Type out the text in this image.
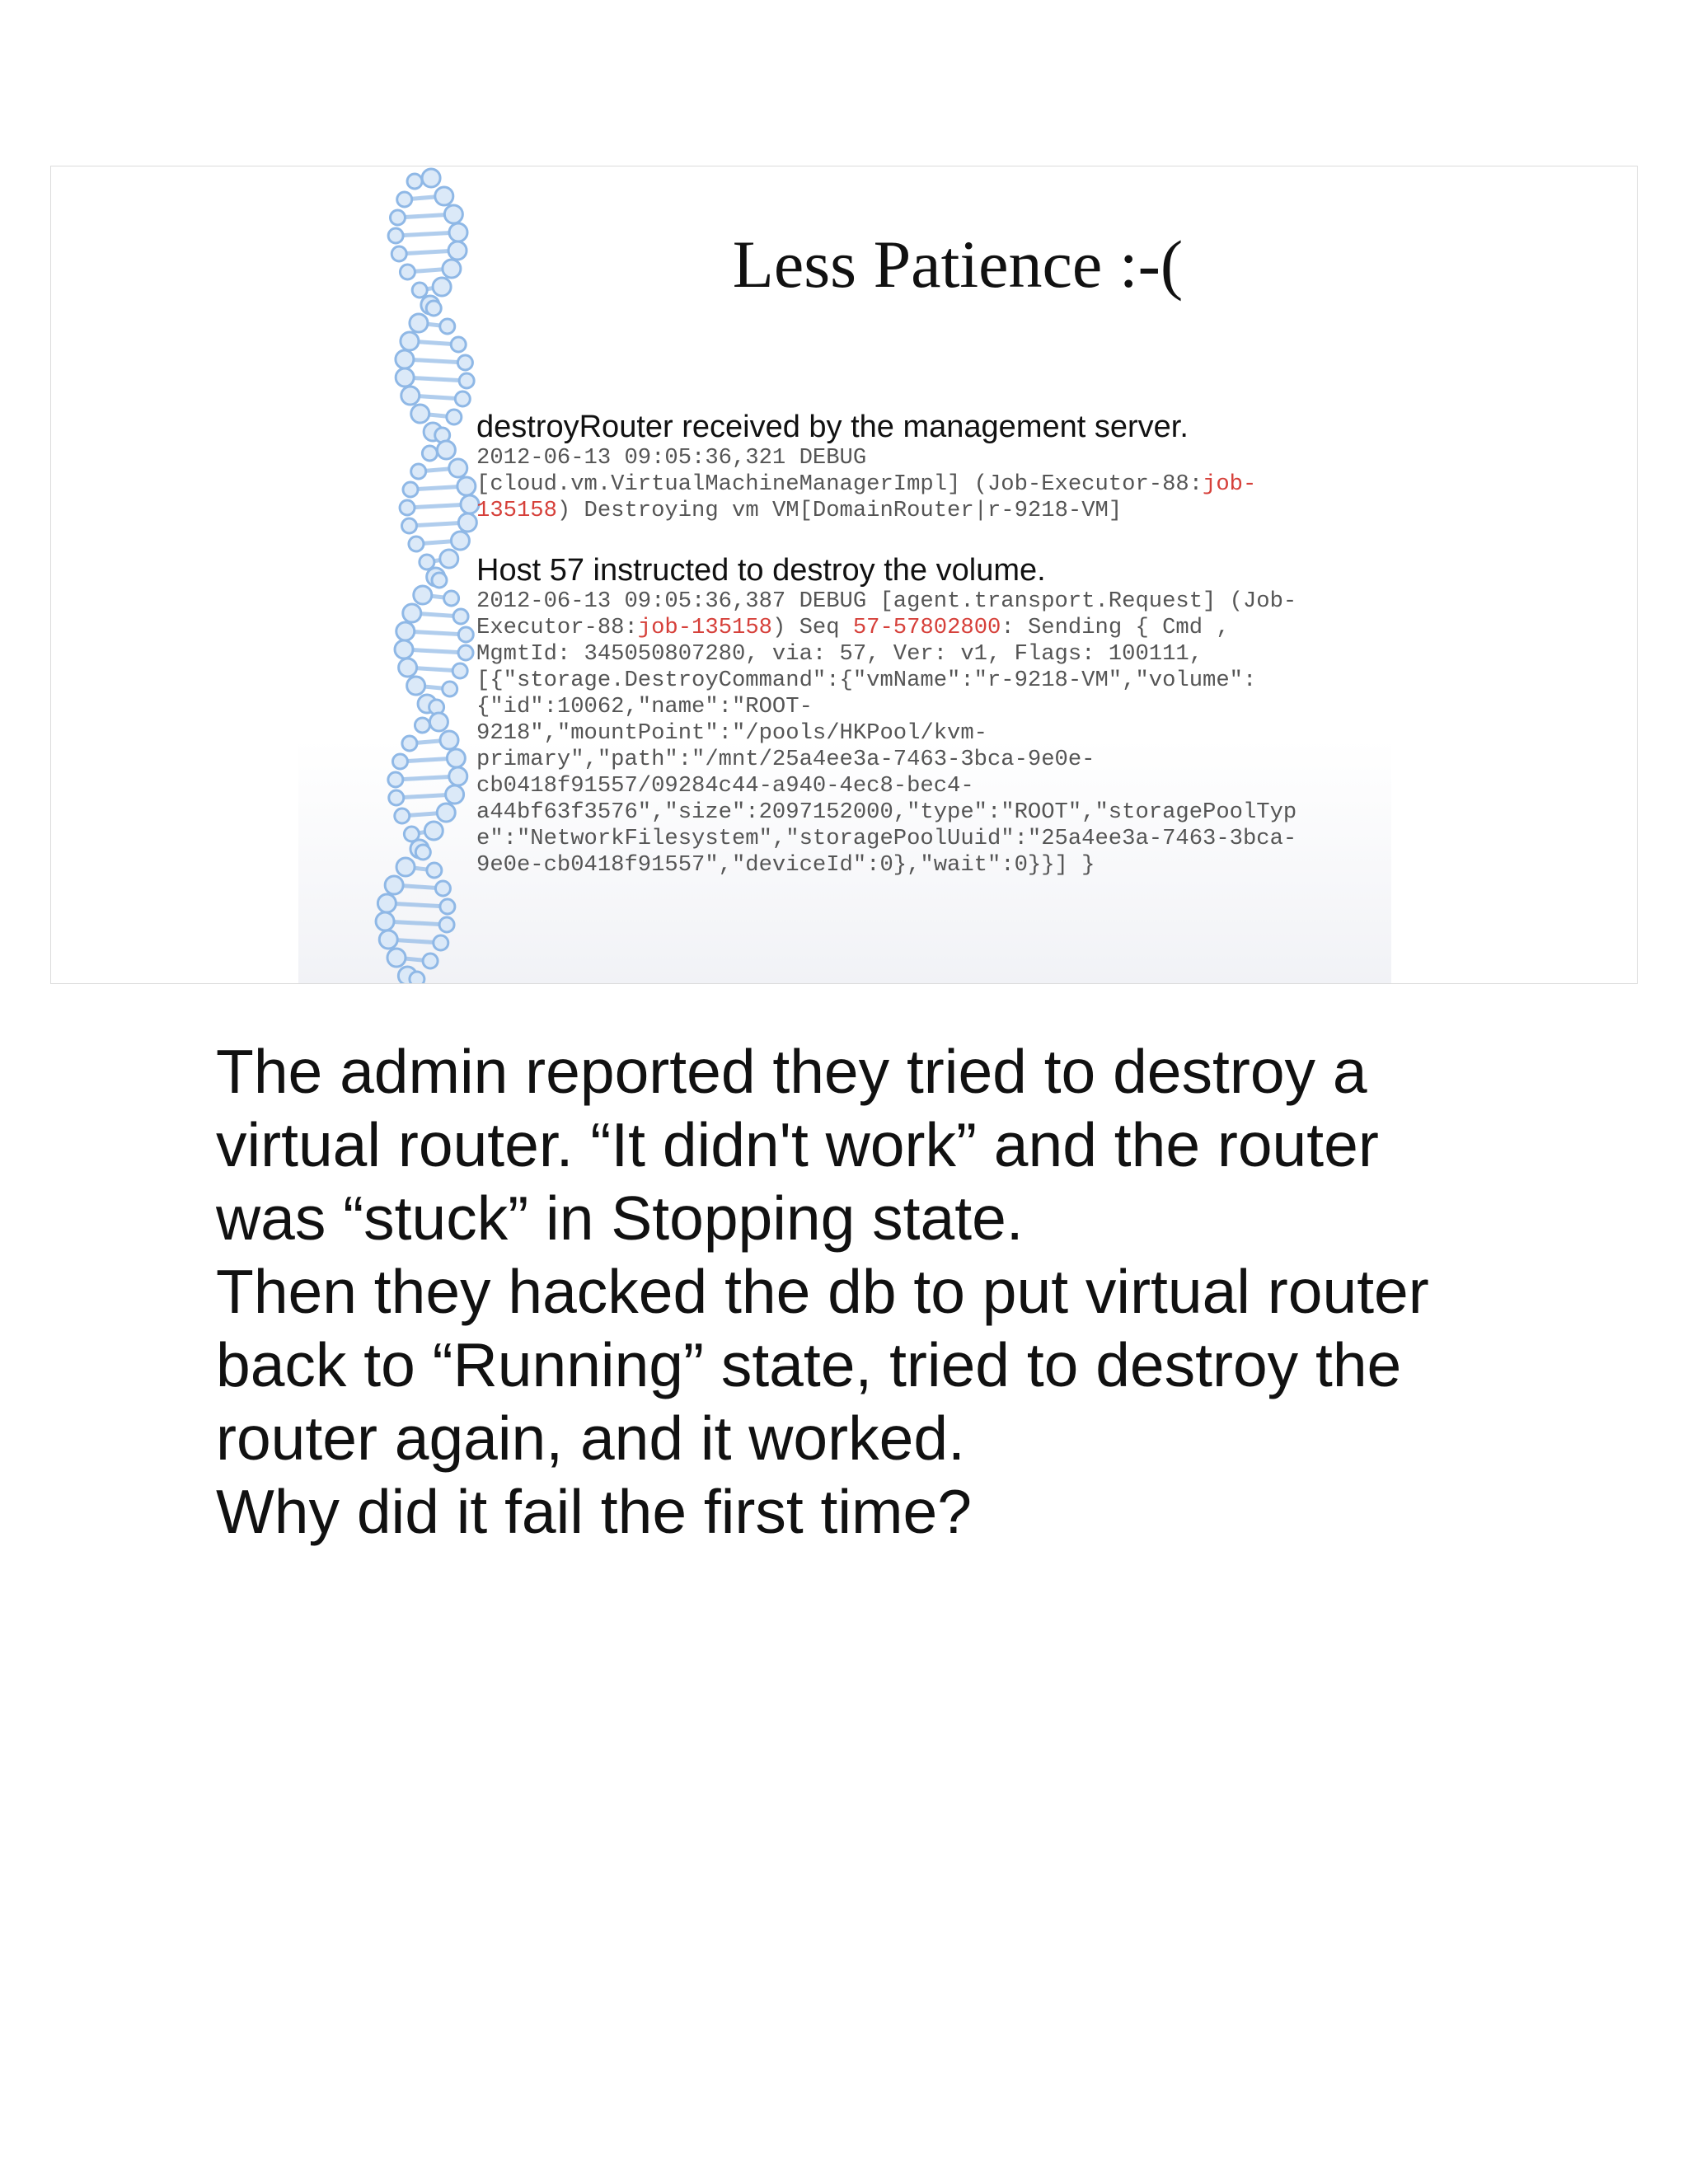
Less Patience :-(

destroyRouter received by the management server.

2012-06-13 09:05:36,321 DEBUG
[cloud.vm.VirtualMachineManagerImpl] (Job-Executor-88:job-
135158) Destroying vm VM[DomainRouter|r-9218-VM]

Host 57 instructed to destroy the volume.

2012-06-13 09:05:36,387 DEBUG [agent.transport.Request] (Job-
Executor-88:job-135158) Seq 57-57802800: Sending { Cmd ,
MgmtId: 345050807280, via: 57, Ver: v1, Flags: 100111,
[{"storage.DestroyCommand":{"vmName":"r-9218-VM","volume":
{"id":10062,"name":"ROOT-
9218","mountPoint":"/pools/HKPool/kvm-
primary","path":"/mnt/25a4ee3a-7463-3bca-9e0e-
cb0418f91557/09284c44-a940-4ec8-bec4-
a44bf63f3576","size":2097152000,"type":"ROOT","storagePoolTyp
e":"NetworkFilesystem","storagePoolUuid":"25a4ee3a-7463-3bca-
9e0e-cb0418f91557","deviceId":0},"wait":0}}] }

The admin reported they tried to destroy a

virtual router. “It didn't work” and the router

was “stuck” in Stopping state.

Then they hacked the db to put virtual router

back to “Running” state, tried to destroy the

router again, and it worked.

Why did it fail the first time?
